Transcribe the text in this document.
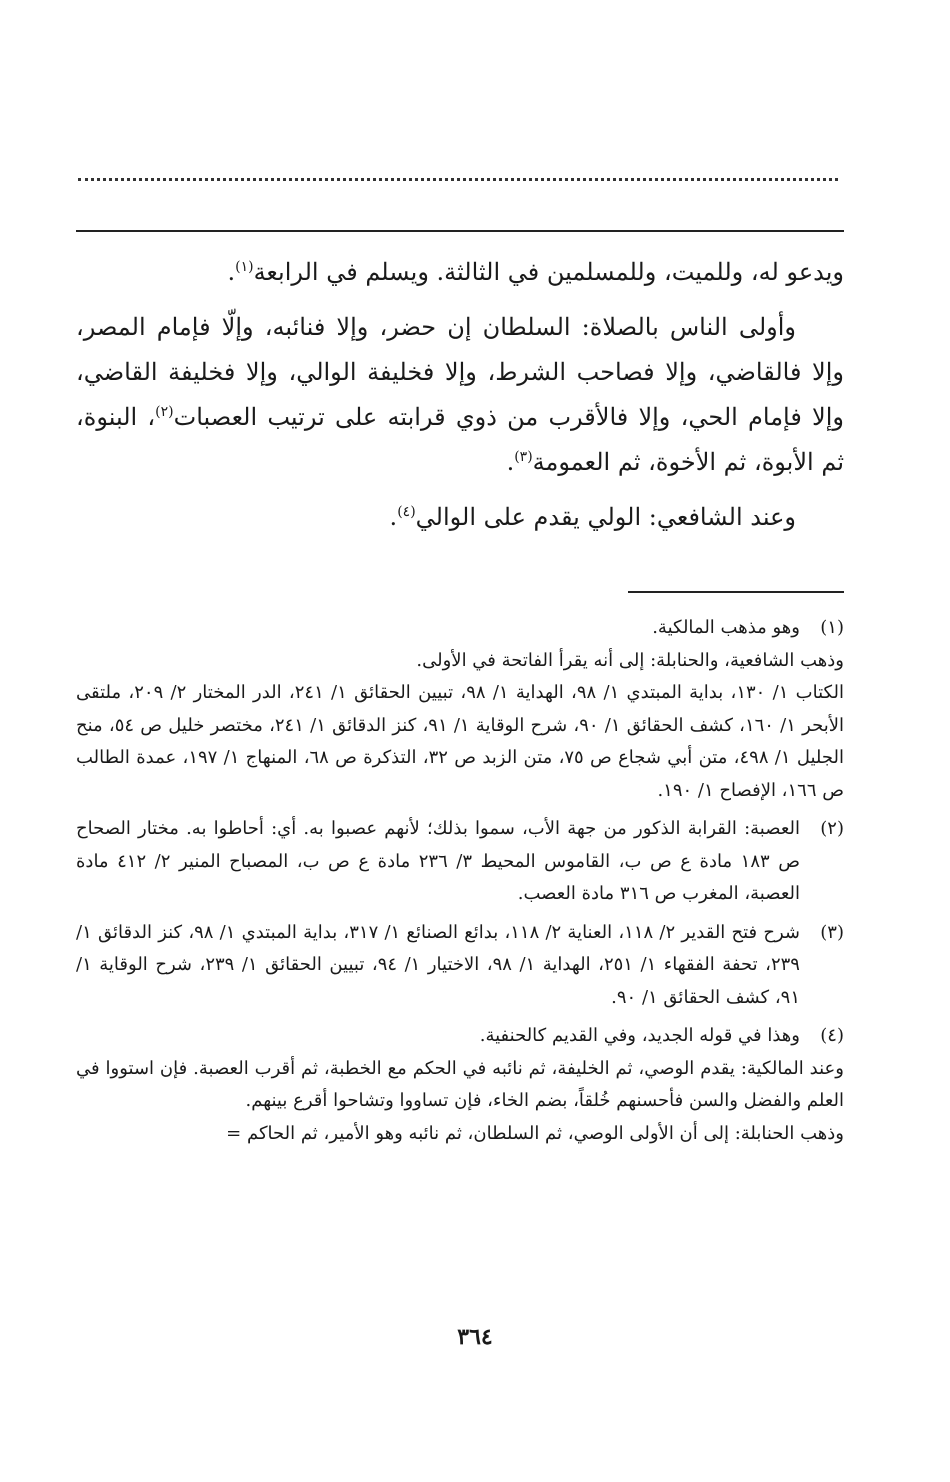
ويدعو له، وللميت، وللمسلمين في الثالثة. ويسلم في الرابعة$^{(١)}$.

وأولى الناس بالصلاة: السلطان إن حضر، وإلا فنائبه، وإلّا فإمام المصر، وإلا فالقاضي، وإلا فصاحب الشرط، وإلا فخليفة الوالي، وإلا فخليفة القاضي، وإلا فإمام الحي، وإلا فالأقرب من ذوي قرابته على ترتيب العصبات$^{(٢)}$، البنوة، ثم الأبوة، ثم الأخوة، ثم العمومة$^{(٣)}$.

وعند الشافعي: الولي يقدم على الوالي$^{(٤)}$.

(١)
وهو مذهب المالكية.

وذهب الشافعية، والحنابلة: إلى أنه يقرأ الفاتحة في الأولى.

الكتاب ١/ ١٣٠، بداية المبتدي ١/ ٩٨، الهداية ١/ ٩٨، تبيين الحقائق ١/ ٢٤١، الدر المختار ٢/ ٢٠٩، ملتقى الأبحر ١/ ١٦٠، كشف الحقائق ١/ ٩٠، شرح الوقاية ١/ ٩١، كنز الدقائق ١/ ٢٤١، مختصر خليل ص ٥٤، منح الجليل ١/ ٤٩٨، متن أبي شجاع ص ٧٥، متن الزبد ص ٣٢، التذكرة ص ٦٨، المنهاج ١/ ١٩٧، عمدة الطالب ص ١٦٦، الإفصاح ١/ ١٩٠.

(٢)
العصبة: القرابة الذكور من جهة الأب، سموا بذلك؛ لأنهم عصبوا به. أي: أحاطوا به. مختار الصحاح ص ١٨٣ مادة ع ص ب، القاموس المحيط ٣/ ٢٣٦ مادة ع ص ب، المصباح المنير ٢/ ٤١٢ مادة العصبة، المغرب ص ٣١٦ مادة العصب.
(٣)
شرح فتح القدير ٢/ ١١٨، العناية ٢/ ١١٨، بدائع الصنائع ١/ ٣١٧، بداية المبتدي ١/ ٩٨، كنز الدقائق ١/ ٢٣٩، تحفة الفقهاء ١/ ٢٥١، الهداية ١/ ٩٨، الاختيار ١/ ٩٤، تبيين الحقائق ١/ ٢٣٩، شرح الوقاية ١/ ٩١، كشف الحقائق ١/ ٩٠.
(٤)
وهذا في قوله الجديد، وفي القديم كالحنفية.

وعند المالكية: يقدم الوصي، ثم الخليفة، ثم نائبه في الحكم مع الخطبة، ثم أقرب العصبة. فإن استووا في العلم والفضل والسن فأحسنهم خُلقاً، بضم الخاء، فإن تساووا وتشاحوا أقرع بينهم.

وذهب الحنابلة: إلى أن الأولى الوصي، ثم السلطان، ثم نائبه وهو الأمير، ثم الحاكم =

٣٦٤
